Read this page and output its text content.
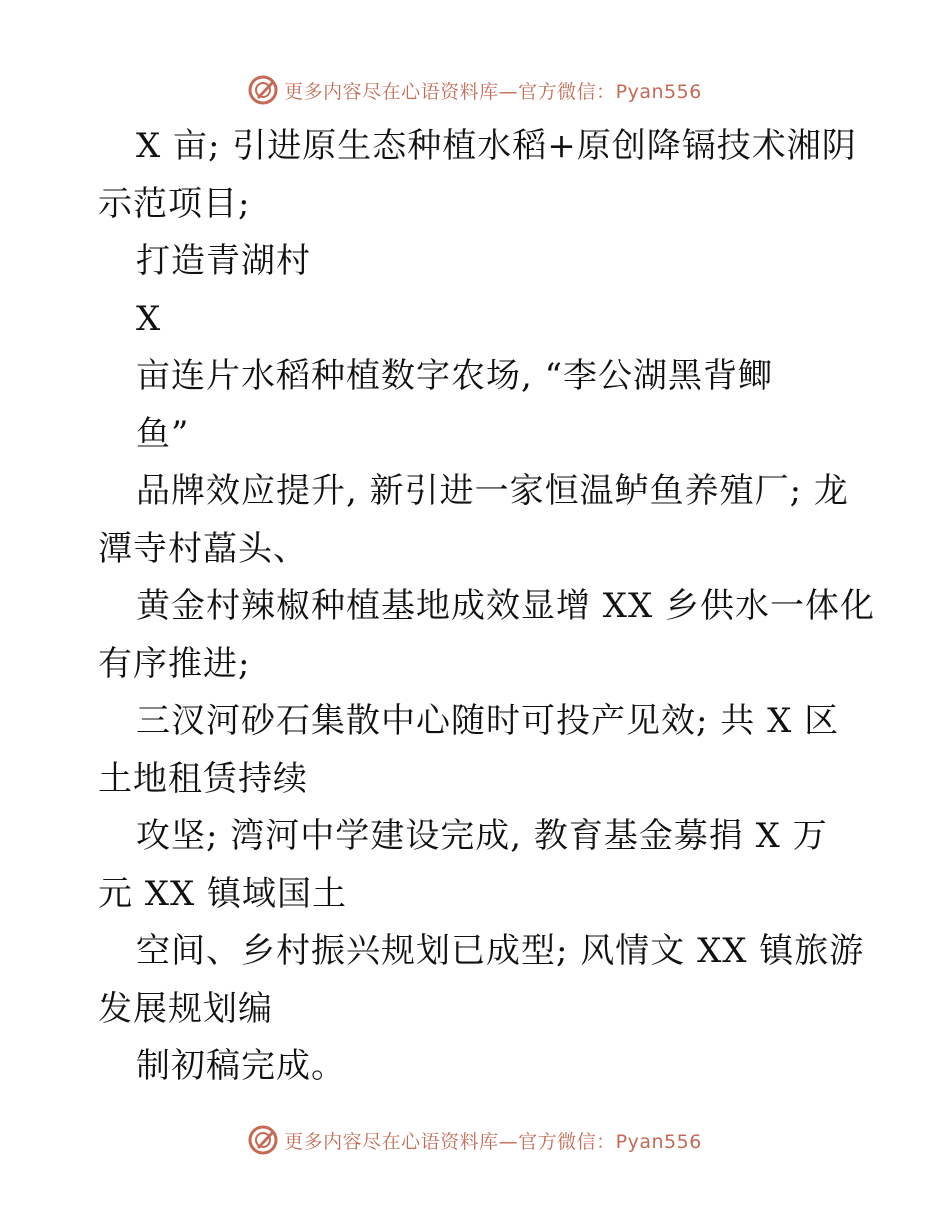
更多内容尽在心语资料库—官方微信：Pyan556
X 亩; 引进原生态种植水稻+原创降镉技术湘阴
示范项目;
打造青湖村
X
亩连片水稻种植数字农场, “李公湖黑背鲫
鱼”
品牌效应提升, 新引进一家恒温鲈鱼养殖厂; 龙
潭寺村藠头、
黄金村辣椒种植基地成效显增 XX 乡供水一体化
有序推进;
三汊河砂石集散中心随时可投产见效; 共 X 区
土地租赁持续
攻坚; 湾河中学建设完成, 教育基金募捐 X 万
元 XX 镇域国土
空间、乡村振兴规划已成型; 风情文 XX 镇旅游
发展规划编
制初稿完成。
更多内容尽在心语资料库—官方微信：Pyan556
